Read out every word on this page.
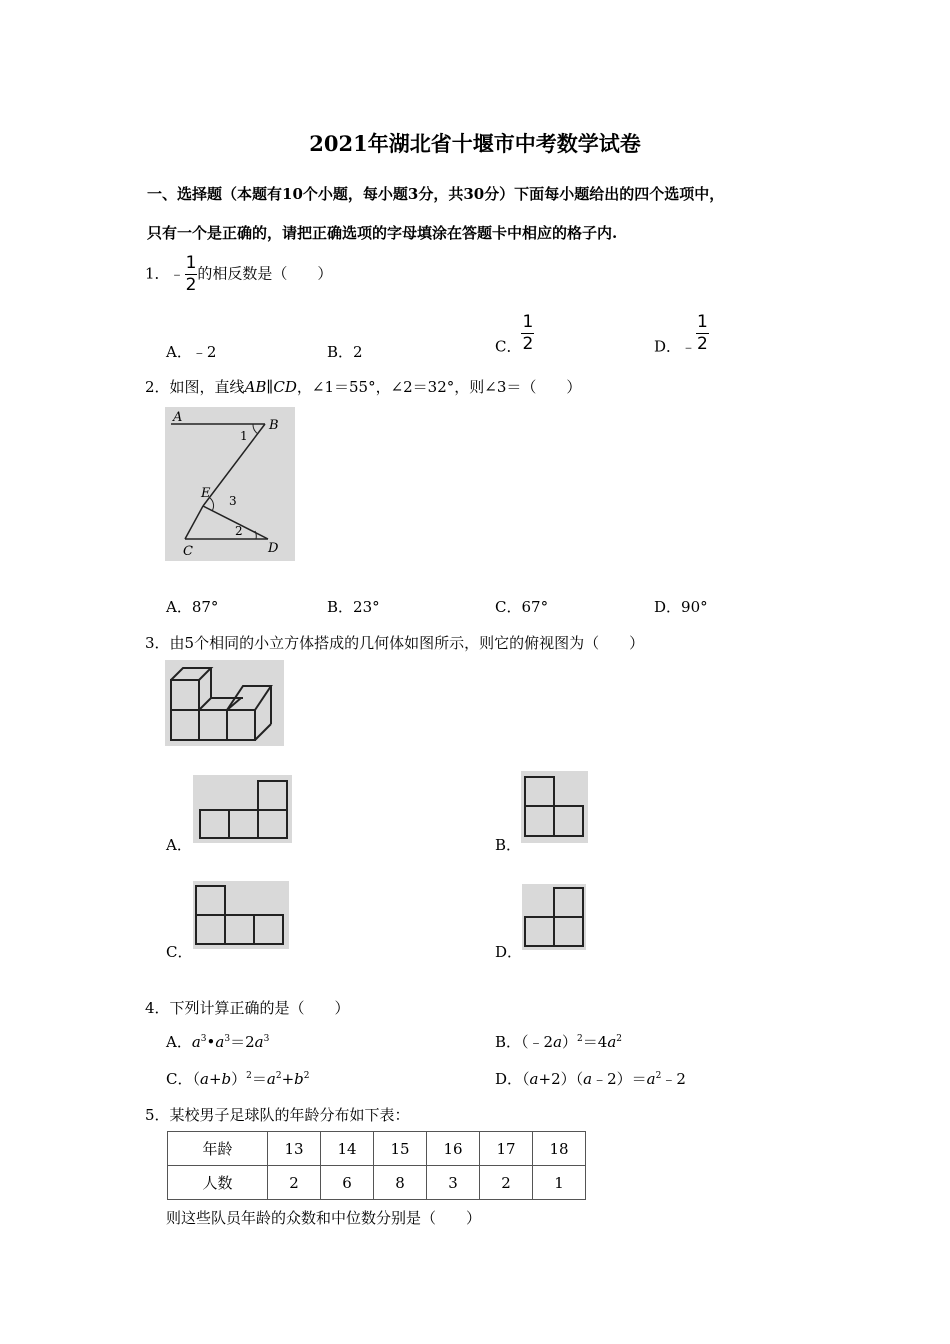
2021年湖北省十堰市中考数学试卷
一、选择题（本题有10个小题，每小题3分，共30分）下面每小题给出的四个选项中，
只有一个是正确的，请把正确选项的字母填涂在答题卡中相应的格子内.
1．﹣ $\frac{1}{2}$ 的相反数是（　　）
A．﹣2	B．2	C． $\frac{1}{2}$	D．﹣ $\frac{1}{2}$
2．如图，直线AB∥CD，∠1＝55°，∠2＝32°，则∠3＝（　　）
A
B
C	D
E
1
3
2
A．87°	B．23°	C．67°	D．90°
3．由5个相同的小立方体搭成的几何体如图所示，则它的俯视图为（　　）
A．	B．
C．	D．
4．下列计算正确的是（　　）
A．$a^3•a^3=2a^3$	B．$(﹣2a)^2=4a^2$
C．$(a+b)^2=a^2+b^2$	D．$(a+2)(a﹣2)=a^2﹣2$
5．某校男子足球队的年龄分布如下表：
年龄	13	14	15	16	17	18
人数	2	6	8	3	2	1
则这些队员年龄的众数和中位数分别是（　　）
